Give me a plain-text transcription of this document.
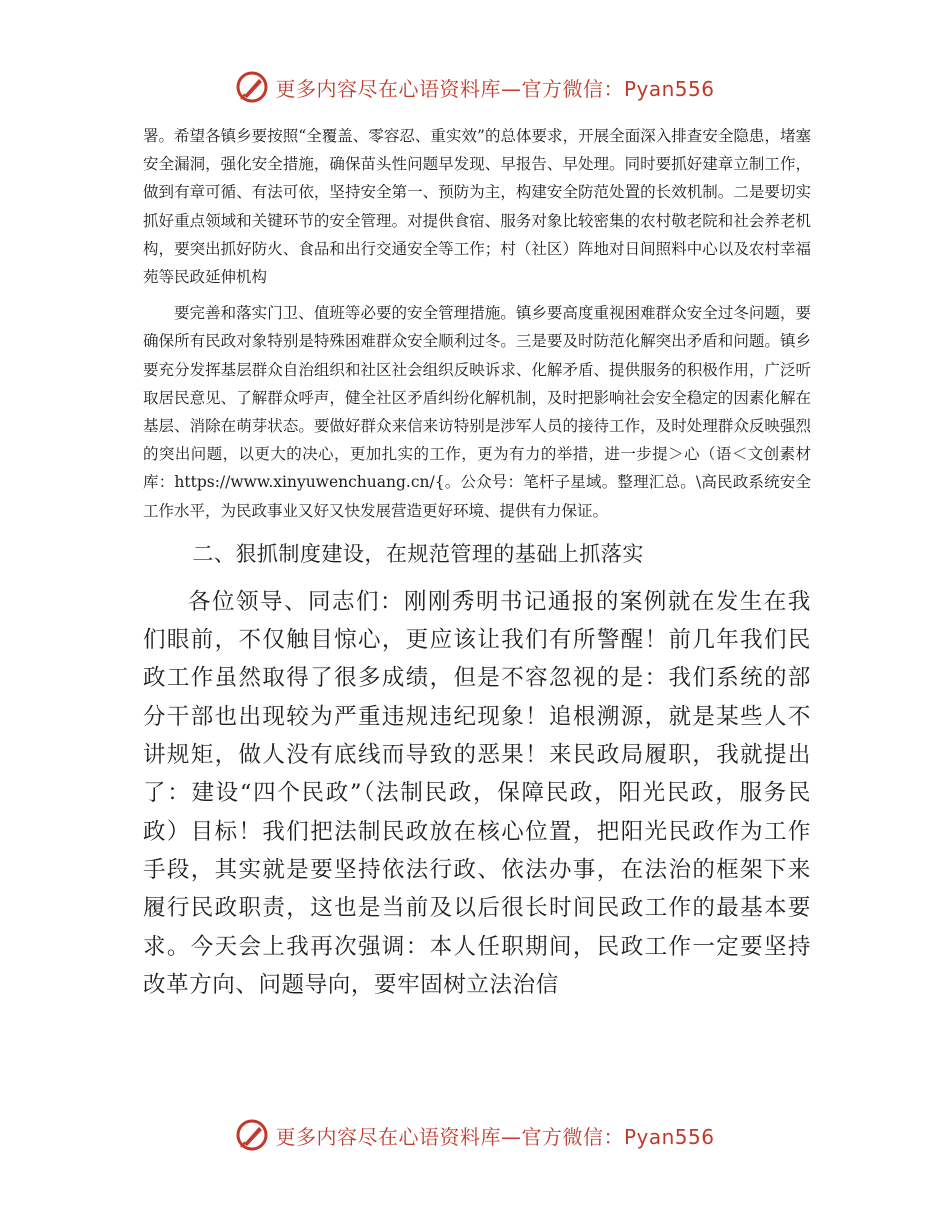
更多内容尽在心语资料库—官方微信：Pyan556

署。希望各镇乡要按照“全覆盖、零容忍、重实效”的总体要求，开展全面深入排查安全隐患，堵塞安全漏洞，强化安全措施，确保苗头性问题早发现、早报告、早处理。同时要抓好建章立制工作，做到有章可循、有法可依，坚持安全第一、预防为主，构建安全防范处置的长效机制。二是要切实抓好重点领域和关键环节的安全管理。对提供食宿、服务对象比较密集的农村敬老院和社会养老机构，要突出抓好防火、食品和出行交通安全等工作；村（社区）阵地对日间照料中心以及农村幸福苑等民政延伸机构

要完善和落实门卫、值班等必要的安全管理措施。镇乡要高度重视困难群众安全过冬问题，要确保所有民政对象特别是特殊困难群众安全顺利过冬。三是要及时防范化解突出矛盾和问题。镇乡要充分发挥基层群众自治组织和社区社会组织反映诉求、化解矛盾、提供服务的积极作用，广泛听取居民意见、了解群众呼声，健全社区矛盾纠纷化解机制，及时把影响社会安全稳定的因素化解在基层、消除在萌芽状态。要做好群众来信来访特别是涉军人员的接待工作，及时处理群众反映强烈的突出问题，以更大的决心，更加扎实的工作，更为有力的举措，进一步提＞心（语＜文创素材库：https://www.xinyuwenchuang.cn/{。公众号：笔杆子星域。整理汇总。\高民政系统安全工作水平，为民政事业又好又快发展营造更好环境、提供有力保证。

二、狠抓制度建设，在规范管理的基础上抓落实

各位领导、同志们：刚刚秀明书记通报的案例就在发生在我们眼前，不仅触目惊心，更应该让我们有所警醒！前几年我们民政工作虽然取得了很多成绩，但是不容忽视的是：我们系统的部分干部也出现较为严重违规违纪现象！追根溯源，就是某些人不讲规矩，做人没有底线而导致的恶果！来民政局履职，我就提出了：建设“四个民政”（法制民政，保障民政，阳光民政，服务民政）目标！我们把法制民政放在核心位置，把阳光民政作为工作手段，其实就是要坚持依法行政、依法办事，在法治的框架下来履行民政职责，这也是当前及以后很长时间民政工作的最基本要求。今天会上我再次强调：本人任职期间，民政工作一定要坚持改革方向、问题导向，要牢固树立法治信

更多内容尽在心语资料库—官方微信：Pyan556
